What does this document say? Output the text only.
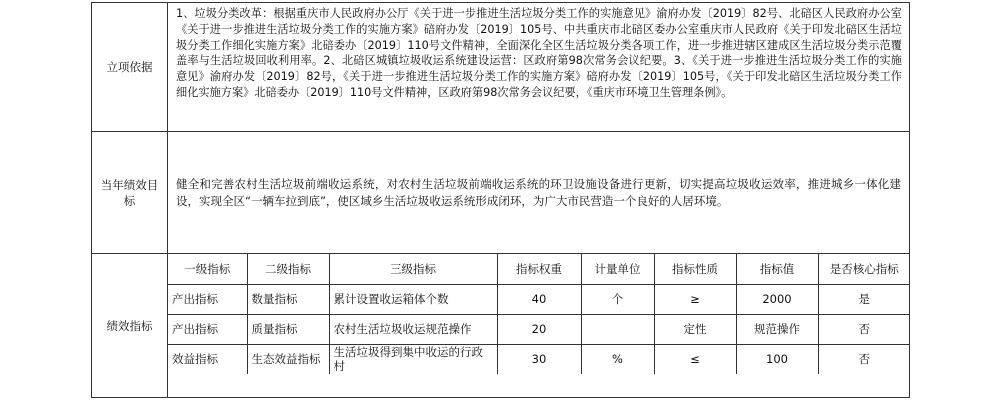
立项依据	1、垃圾分类改革：根据重庆市人民政府办公厅《关于进一步推进生活垃圾分类工作的实施意见》渝府办发〔2019〕82号、北碚区人民政府办公室《关于进一步推进生活垃圾分类工作的实施方案》碚府办发〔2019〕105号、中共重庆市北碚区委办公室重庆市人民政府《关于印发北碚区生活垃圾分类工作细化实施方案》北碚委办〔2019〕110号文件精神，全面深化全区生活垃圾分类各项工作，进一步推进辖区建成区生活垃圾分类示范覆盖率与生活垃圾回收利用率。2、北碚区城镇垃圾收运系统建设运营：区政府第98次常务会议纪要。3、《关于进一步推进生活垃圾分类工作的实施意见》渝府办发〔2019〕82号，《关于进一步推进生活垃圾分类工作的实施方案》碚府办发〔2019〕105号，《关于印发北碚区生活垃圾分类工作细化实施方案》北碚委办〔2019〕110号文件精神，区政府第98次常务会议纪要，《重庆市环境卫生管理条例》。
当年绩效目标	健全和完善农村生活垃圾前端收运系统，对农村生活垃圾前端收运系统的环卫设施设备进行更新，切实提高垃圾收运效率，推进城乡一体化建设，实现全区“一辆车拉到底”，使区域乡生活垃圾收运系统形成闭环，为广大市民营造一个良好的人居环境。
绩效指标	
一级指标	二级指标	三级指标	指标权重	计量单位	指标性质	指标值	是否核心指标
产出指标	数量指标	累计设置收运箱体个数	40	个	≥	2000	是
产出指标	质量指标	农村生活垃圾收运规范操作	20		定性	规范操作	否
效益指标	生态效益指标	生活垃圾得到集中收运的行政村	30	%	≤	100	否
